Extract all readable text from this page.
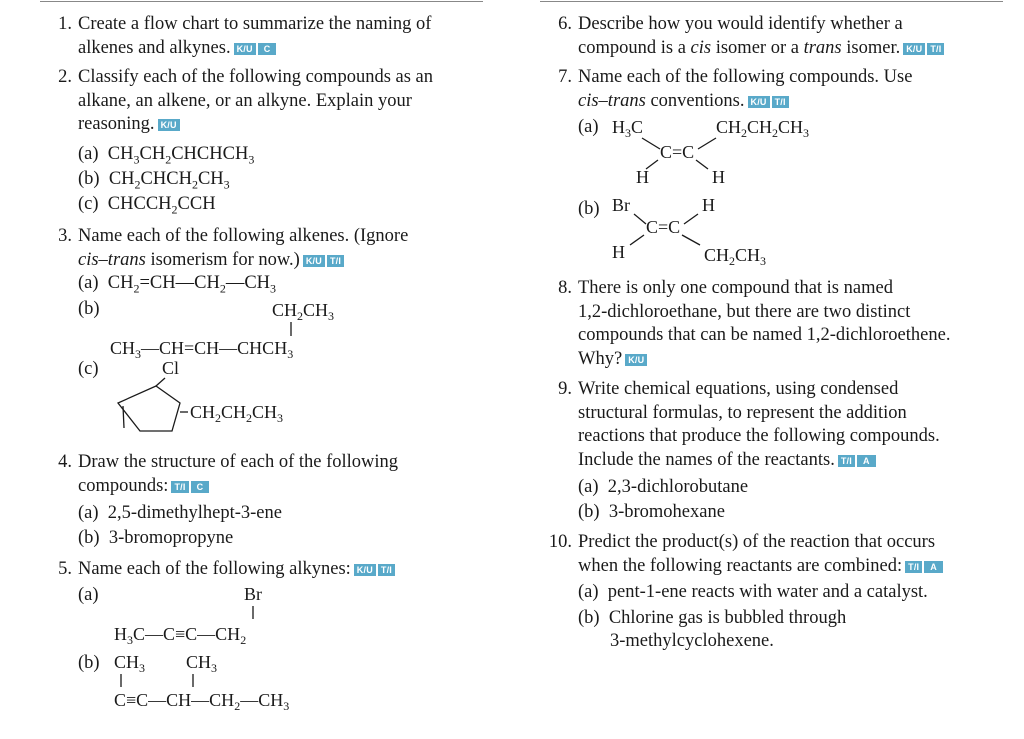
1. Create a flow chart to summarize the naming of
alkenes and alkynes. K/U C
2. Classify each of the following compounds as an
alkane, an alkene, or an alkyne. Explain your
reasoning. K/U
(a)  $CH_3CH_2CHCHCH_3$
(b)  $CH_2CHCH_2CH_3$
(c)  $CHCCH_2CCH$
3. Name each of the following alkenes. (Ignore
cis–trans isomerism for now.) K/U T/I
(a)  $CH_2=CH—CH_2—CH_3$
(b)	$CH_2CH_3$
$CH_3—CH=CH—CHCH_3$
(c)	Cl
$CH_2CH_2CH_3$
4. Draw the structure of each of the following
compounds: T/I C
(a) 2,5-dimethylhept-3-ene
(b) 3-bromopropyne
5. Name each of the following alkynes: K/U T/I
(a)	Br
$H_3C—C\equiv C—CH_2$
(b) $CH_3$ $CH_3$
$C\equiv C—CH—CH_2—CH_3$
6. Describe how you would identify whether a
compound is a cis isomer or a trans isomer. K/U T/I
7. Name each of the following compounds. Use
cis–trans conventions. K/U T/I
(a) $H_3C$
C=C
$CH_2CH_2CH_3$
H	H
(b) Br
C=C
H
H	$CH_2CH_3$
8. There is only one compound that is named
1,2-dichloroethane, but there are two distinct
compounds that can be named 1,2-dichloroethene.
Why? K/U
9. Write chemical equations, using condensed
structural formulas, to represent the addition
reactions that produce the following compounds.
Include the names of the reactants. T/I A
(a) 2,3-dichlorobutane
(b) 3-bromohexane
10. Predict the product(s) of the reaction that occurs
when the following reactants are combined: T/I A
(a) pent-1-ene reacts with water and a catalyst.
(b) Chlorine gas is bubbled through
3-methylcyclohexene.
